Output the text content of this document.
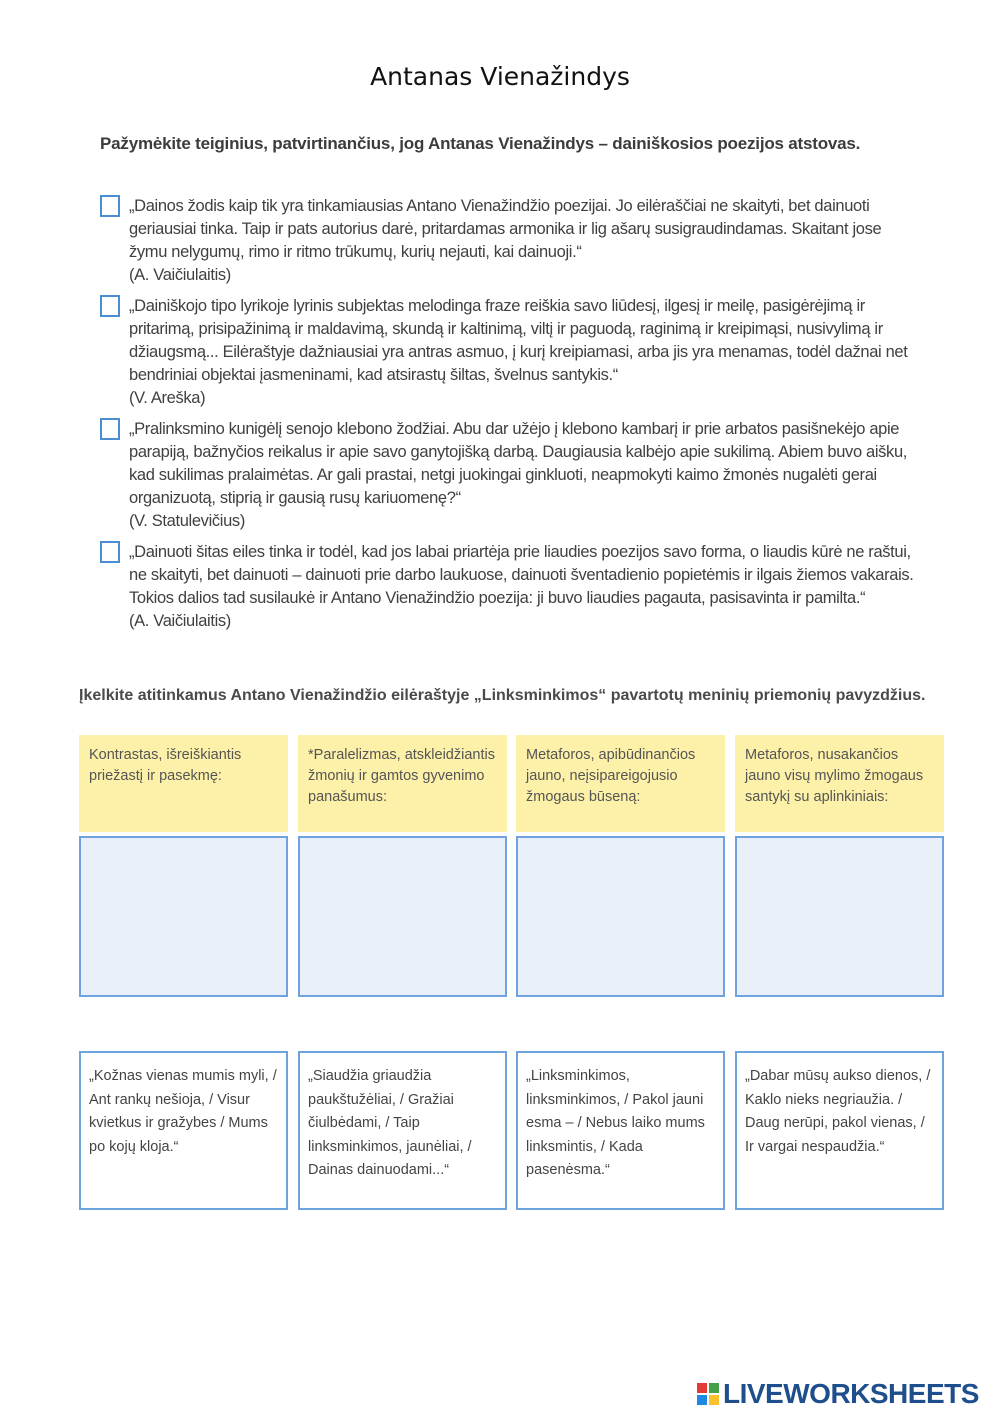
Antanas Vienažindys
Pažymėkite teiginius, patvirtinančius, jog Antanas Vienažindys – dainiškosios poezijos atstovas.
„Dainos žodis kaip tik yra tinkamiausias Antano Vienažindžio poezijai. Jo eilėraščiai ne skaityti, bet dainuoti geriausiai tinka. Taip ir pats autorius darė, pritardamas armonika ir lig ašarų susigraudindamas. Skaitant jose žymu nelygumų, rimo ir ritmo trūkumų, kurių nejauti, kai dainuoji.“
(A. Vaičiulaitis)
„Dainiškojo tipo lyrikoje lyrinis subjektas melodinga fraze reiškia savo liūdesį, ilgesį ir meilę, pasigėrėjimą ir pritarimą, prisipažinimą ir maldavimą, skundą ir kaltinimą, viltį ir paguodą, raginimą ir kreipimąsi, nusivylimą ir džiaugsmą... Eilėraštyje dažniausiai yra antras asmuo, į kurį kreipiamasi, arba jis yra menamas, todėl dažnai net bendriniai objektai įasmeninami, kad atsirastų šiltas, švelnus santykis.“
(V. Areška)
„Pralinksmino kunigėlį senojo klebono žodžiai. Abu dar užėjo į klebono kambarį ir prie arbatos pasišnekėjo apie parapiją, bažnyčios reikalus ir apie savo ganytojišką darbą. Daugiausia kalbėjo apie sukilimą. Abiem buvo aišku, kad sukilimas pralaimėtas. Ar gali prastai, netgi juokingai ginkluoti, neapmokyti kaimo žmonės nugalėti gerai organizuotą, stiprią ir gausią rusų kariuomenę?“
(V. Statulevičius)
„Dainuoti šitas eiles tinka ir todėl, kad jos labai priartėja prie liaudies poezijos savo forma, o liaudis kūrė ne raštui, ne skaityti, bet dainuoti – dainuoti prie darbo laukuose, dainuoti šventadienio popietėmis ir ilgais žiemos vakarais. Tokios dalios tad susilaukė ir Antano Vienažindžio poezija: ji buvo liaudies pagauta, pasisavinta ir pamilta.“
(A. Vaičiulaitis)
Įkelkite atitinkamus Antano Vienažindžio eilėraštyje „Linksminkimos“ pavartotų meninių priemonių pavyzdžius.
Kontrastas, išreiškiantis priežastį ir pasekmę:
*Paralelizmas, atskleidžiantis žmonių ir gamtos gyvenimo panašumus:
Metaforos, apibūdinančios jauno, neįsipareigojusio žmogaus būseną:
Metaforos, nusakančios jauno visų mylimo žmogaus santykį su aplinkiniais:
„Kožnas vienas mumis myli, / Ant rankų nešioja, / Visur kvietkus ir gražybes / Mums po kojų kloja.“
„Siaudžia griaudžia paukštužėliai, / Gražiai čiulbėdami, / Taip linksminkimos, jaunėliai, / Dainas dainuodami...“
„Linksminkimos, linksminkimos, / Pakol jauni esma – / Nebus laiko mums linksmintis, / Kada pasenėsma.“
„Dabar mūsų aukso dienos, / Kaklo nieks negriaužia. / Daug nerūpi, pakol vienas, / Ir vargai nespaudžia.“
LIVEWORKSHEETS
